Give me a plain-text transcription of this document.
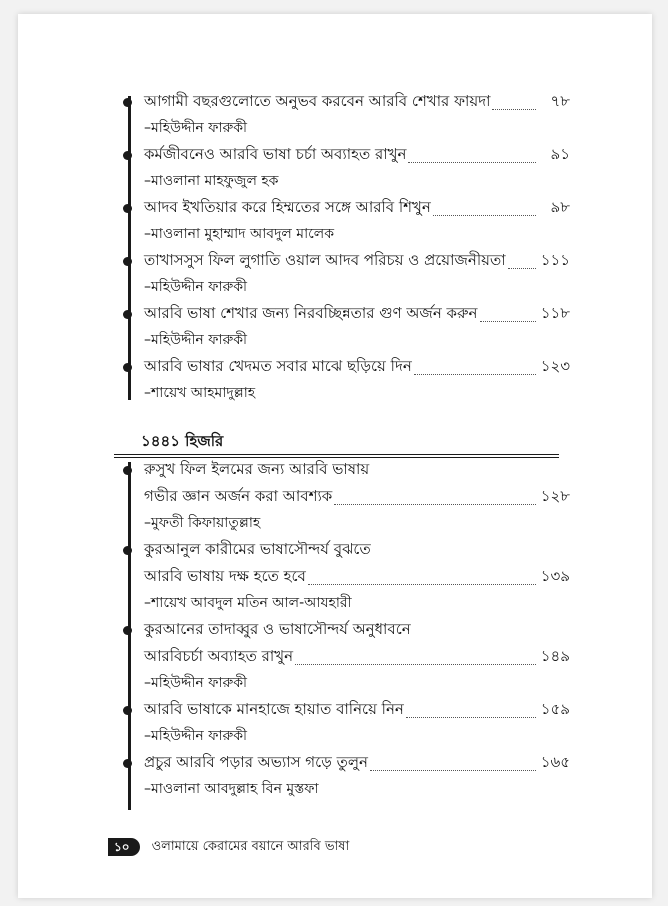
আগামী বছরগুলোতে অনুভব করবেন আরবি শেখার ফায়দা	৭৮
–মহিউদ্দীন ফারুকী
কর্মজীবনেও আরবি ভাষা চর্চা অব্যাহত রাখুন	৯১
–মাওলানা মাহফুজুল হক
আদব ইখতিয়ার করে হিম্মতের সঙ্গে আরবি শিখুন	৯৮
–মাওলানা মুহাম্মাদ আবদুল মালেক
তাখাসসুস ফিল লুগাতি ওয়াল আদব পরিচয় ও প্রয়োজনীয়তা ১১১
–মহিউদ্দীন ফারুকী
আরবি ভাষা শেখার জন্য নিরবচ্ছিন্নতার গুণ অর্জন করুন	১১৮
–মহিউদ্দীন ফারুকী
আরবি ভাষার খেদমত সবার মাঝে ছড়িয়ে দিন	১২৩
–শায়েখ আহমাদুল্লাহ
১৪৪১ হিজরি
রুসুখ ফিল ইলমের জন্য আরবি ভাষায়
গভীর জ্ঞান অর্জন করা আবশ্যক	১২৮
–মুফতী কিফায়াতুল্লাহ
কুরআনুল কারীমের ভাষাসৌন্দর্য বুঝতে
আরবি ভাষায় দক্ষ হতে হবে	১৩৯
–শায়েখ আবদুল মতিন আল-আযহারী
কুরআনের তাদাব্বুর ও ভাষাসৌন্দর্য অনুধাবনে
আরবিচর্চা অব্যাহত রাখুন	১৪৯
–মহিউদ্দীন ফারুকী
আরবি ভাষাকে মানহাজে হায়াত বানিয়ে নিন	১৫৯
–মহিউদ্দীন ফারুকী
প্রচুর আরবি পড়ার অভ্যাস গড়ে তুলুন	১৬৫
–মাওলানা আবদুল্লাহ বিন মুস্তফা
১০	ওলামায়ে কেরামের বয়ানে আরবি ভাষা
